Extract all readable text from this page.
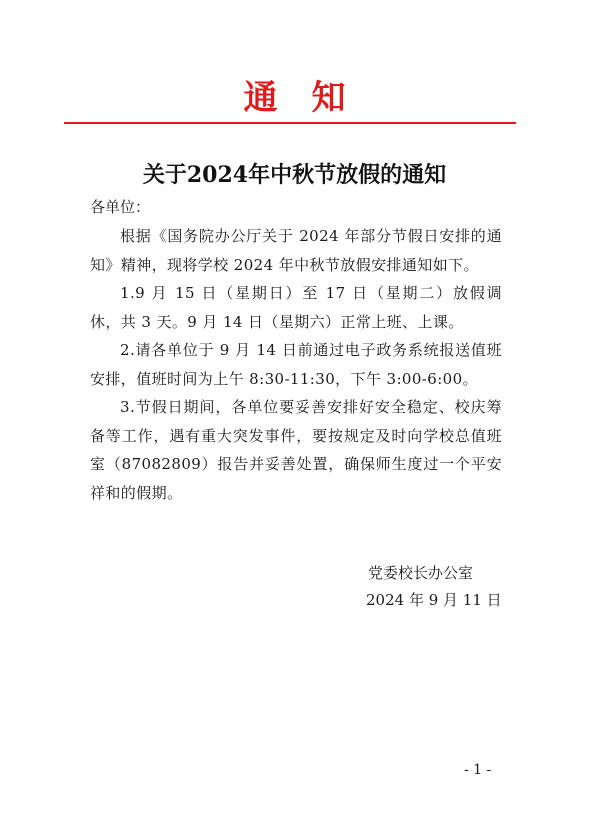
通 知
关于2024年中秋节放假的通知
各单位：

根据《国务院办公厅关于 2024 年部分节假日安排的通知》精神，现将学校 2024 年中秋节放假安排通知如下。

1.9 月 15 日（星期日）至 17 日（星期二）放假调休，共 3 天。9 月 14 日（星期六）正常上班、上课。

2.请各单位于 9 月 14 日前通过电子政务系统报送值班安排，值班时间为上午 8:30-11:30，下午 3:00-6:00。

3.节假日期间，各单位要妥善安排好安全稳定、校庆筹备等工作，遇有重大突发事件，要按规定及时向学校总值班室（87082809）报告并妥善处置，确保师生度过一个平安祥和的假期。

党委校长办公室
2024 年 9 月 11 日
- 1 -
